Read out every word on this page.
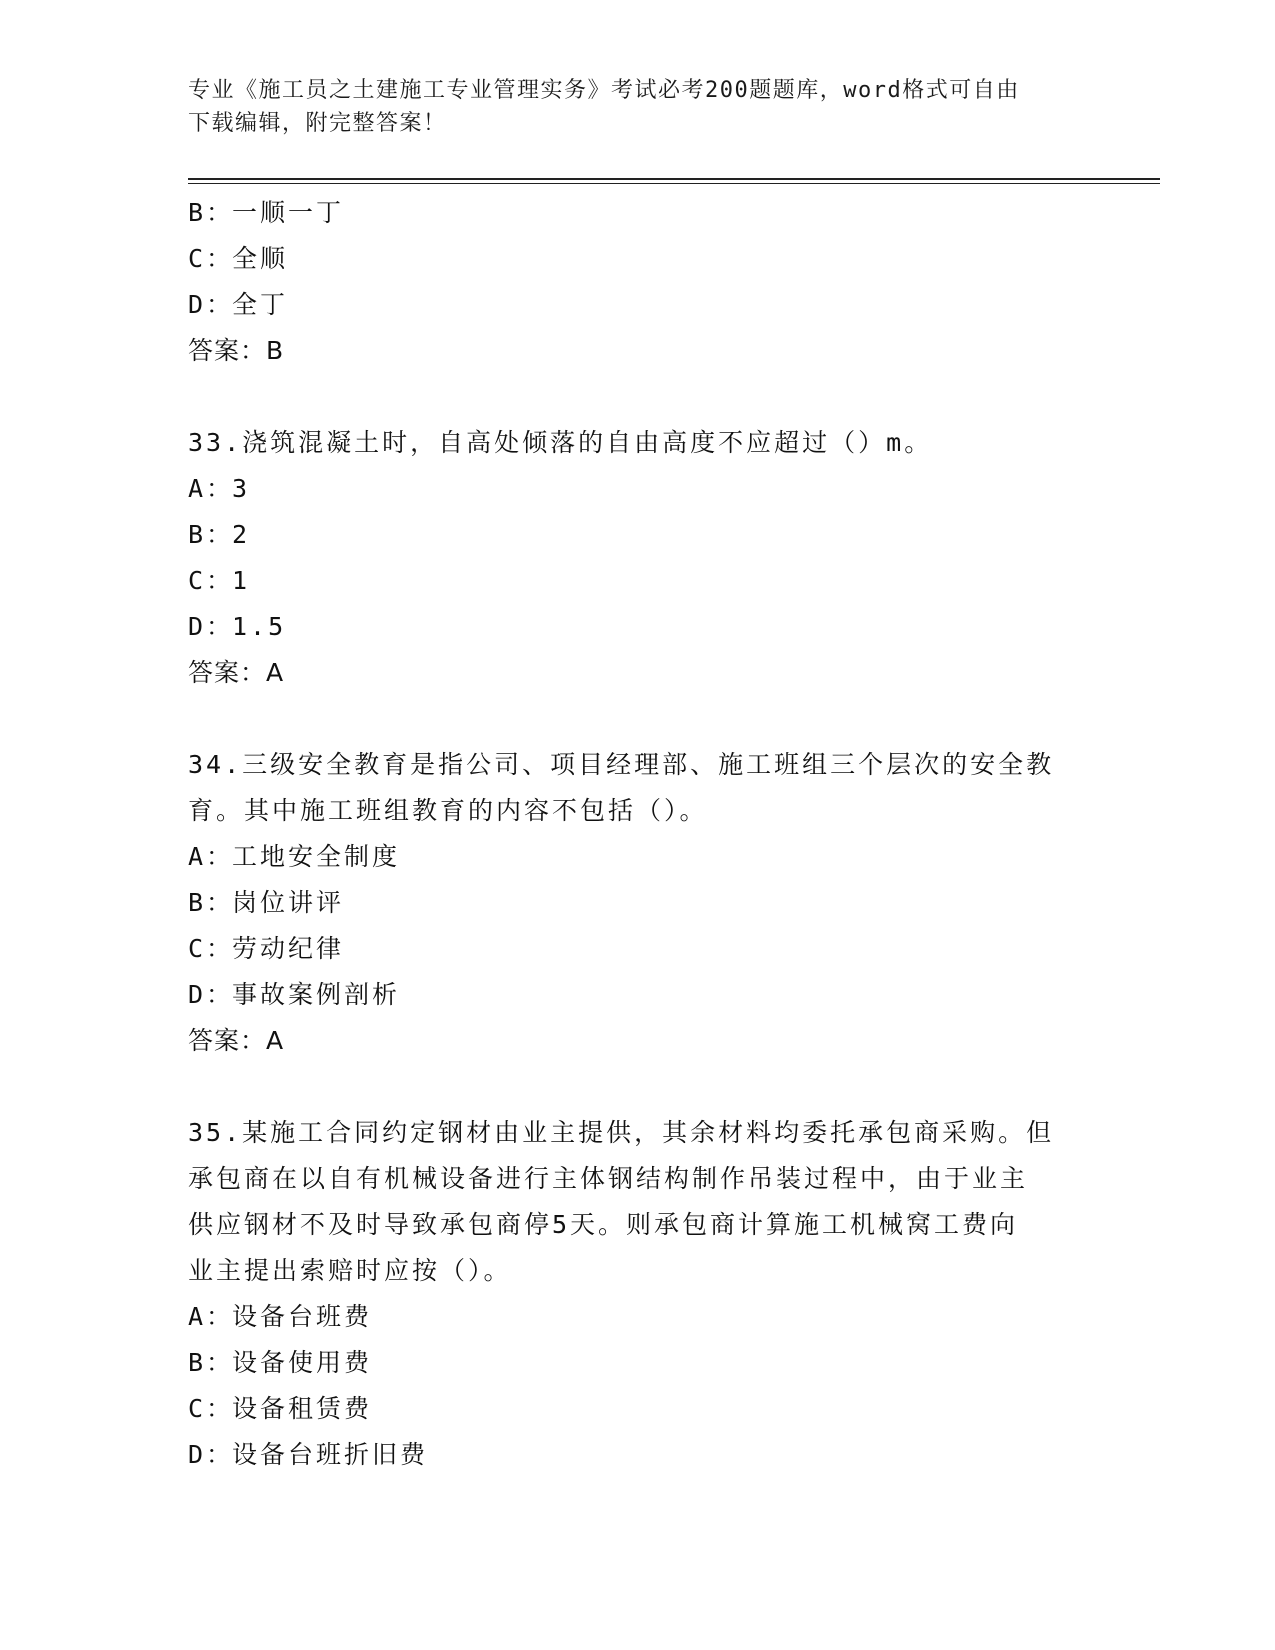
专业《施工员之土建施工专业管理实务》考试必考200题题库，word格式可自由
下载编辑，附完整答案！
B：一顺一丁
C：全顺
D：全丁
答案：B
33.浇筑混凝土时，自高处倾落的自由高度不应超过（）m。
A：3
B：2
C：1
D：1.5
答案：A
34.三级安全教育是指公司、项目经理部、施工班组三个层次的安全教
育。其中施工班组教育的内容不包括（）。
A：工地安全制度
B：岗位讲评
C：劳动纪律
D：事故案例剖析
答案：A
35.某施工合同约定钢材由业主提供，其余材料均委托承包商采购。但
承包商在以自有机械设备进行主体钢结构制作吊装过程中，由于业主
供应钢材不及时导致承包商停5天。则承包商计算施工机械窝工费向
业主提出索赔时应按（）。
A：设备台班费
B：设备使用费
C：设备租赁费
D：设备台班折旧费
